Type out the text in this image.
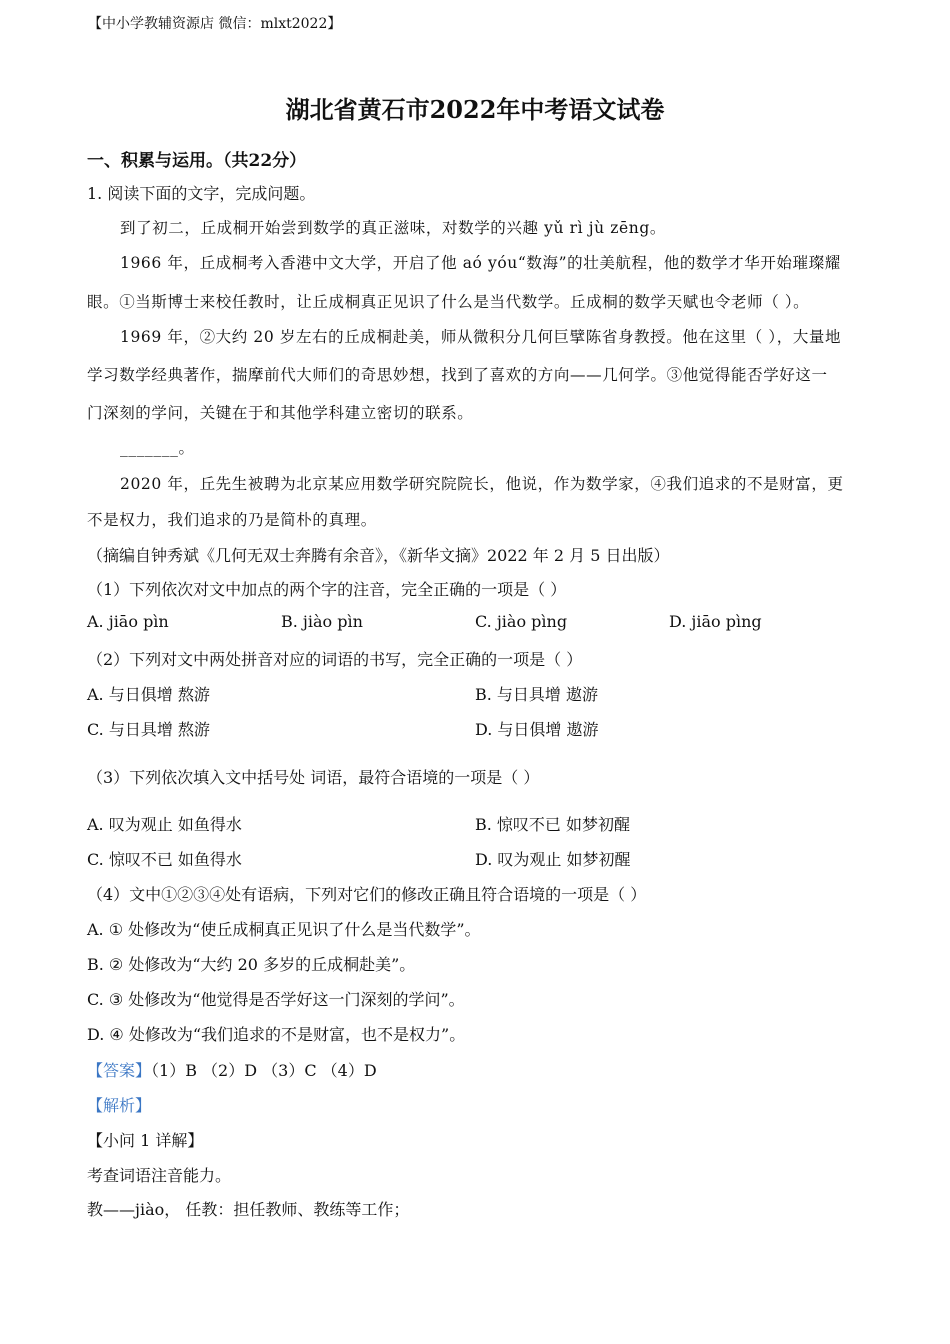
【中小学教辅资源店 微信：mlxt2022】
湖北省黄石市2022年中考语文试卷
一、积累与运用。（共22分）
1. 阅读下面的文字，完成问题。
到了初二，丘成桐开始尝到数学的真正滋味，对数学的兴趣 yǔ rì jù zēng。
1966 年，丘成桐考入香港中文大学，开启了他 aó yóu“数海”的壮美航程，他的数学才华开始璀璨耀
眼。①当斯博士来校任教时，让丘成桐真正见识了什么是当代数学。丘成桐的数学天赋也令老师（ ）。
1969 年，②大约 20 岁左右的丘成桐赴美，师从微积分几何巨擘陈省身教授。他在这里（ ），大量地
学习数学经典著作，揣摩前代大师们的奇思妙想，找到了喜欢的方向——几何学。③他觉得能否学好这一
门深刻的学问，关键在于和其他学科建立密切的联系。
_______。
2020 年，丘先生被聘为北京某应用数学研究院院长，他说，作为数学家，④我们追求的不是财富，更
不是权力，我们追求的乃是简朴的真理。
（摘编自钟秀斌《几何无双士奔腾有余音》，《新华文摘》2022 年 2 月 5 日出版）
（1）下列依次对文中加点的两个字的注音，完全正确的一项是（ ）
A. jiāo pìn	B. jiào pìn	C. jiào pìng	D. jiāo pìng
（2）下列对文中两处拼音对应的词语的书写，完全正确的一项是（ ）
A. 与日俱增 熬游	B. 与日具增 遨游
C. 与日具增 熬游	D. 与日俱增 遨游
（3）下列依次填入文中括号处 词语，最符合语境的一项是（ ）
A. 叹为观止 如鱼得水	B. 惊叹不已 如梦初醒
C. 惊叹不已 如鱼得水	D. 叹为观止 如梦初醒
（4）文中①②③④处有语病，下列对它们的修改正确且符合语境的一项是（ ）
A. ① 处修改为“使丘成桐真正见识了什么是当代数学”。
B. ② 处修改为“大约 20 多岁的丘成桐赴美”。
C. ③ 处修改为“他觉得是否学好这一门深刻的学问”。
D. ④ 处修改为“我们追求的不是财富，也不是权力”。
【答案】（1）B （2）D （3）C （4）D
【解析】
【小问 1 详解】
考查词语注音能力。
教——jiào， 任教：担任教师、教练等工作；
